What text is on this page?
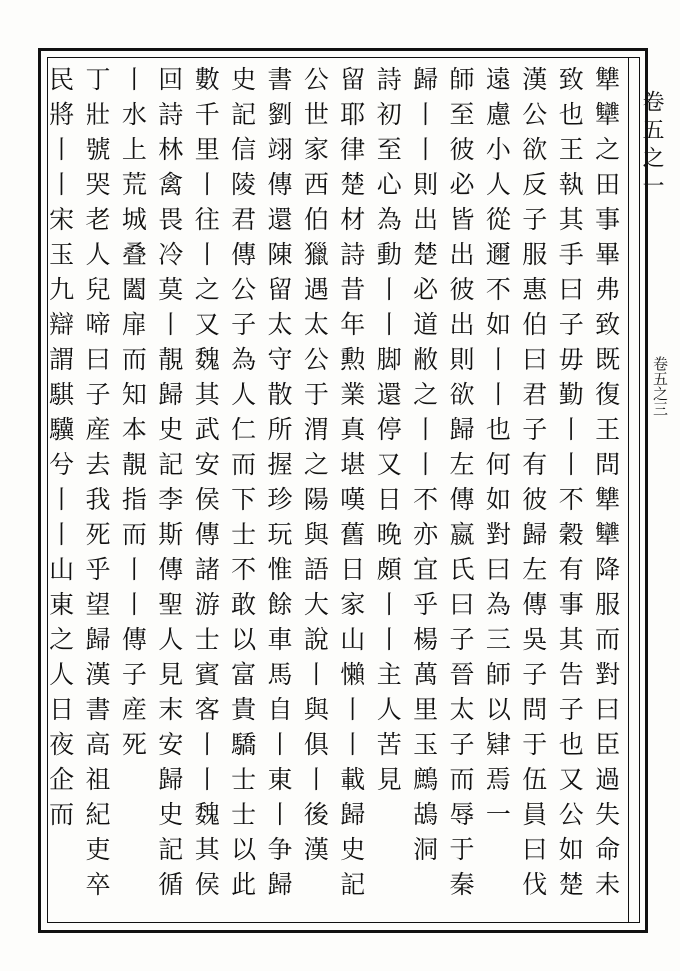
卷五之一
卷五之三
犨犫之田事畢弗致既復王問犨犫降服而對曰臣過失命未
致也王執其手曰子毋勤丨丨不穀有事其告子也又公如楚
漢公欲反子服惠伯曰君子有彼歸左傳吳子問于伍員曰伐
遠慮小人從邇不如丨丨也何如對曰為三師以肄焉一
師至彼必皆出彼出則欲歸左傳嬴氏曰子晉太子而辱于秦
歸丨丨則出楚必道敝之丨丨不亦宜乎楊萬里玉鷓鴣洞
詩初至心為動丨丨脚還停又日晚頗丨丨主人苦見
留耶律楚材詩昔年勲業真堪嘆舊日家山懶丨丨載歸史記
公世家西伯獵遇太公于渭之陽與語大說丨與俱丨後漢
書劉翊傳還陳留太守散所握珍玩惟餘車馬自丨東丨争歸
史記信陵君傳公子為人仁而下士不敢以富貴驕士士以此
數千里丨往丨之又魏其武安侯傳諸游士賓客丨丨魏其侯
回詩林禽畏冷莫丨靚歸史記李斯傳聖人見末安歸史記循
丨水上荒城叠闔扉而知本靚指而丨丨傳子産死
丁壯號哭老人兒啼曰子産去我死乎望歸漢書高祖紀吏卒
民將丨丨宋玉九辯謂騏驥兮丨丨山東之人日夜企而
